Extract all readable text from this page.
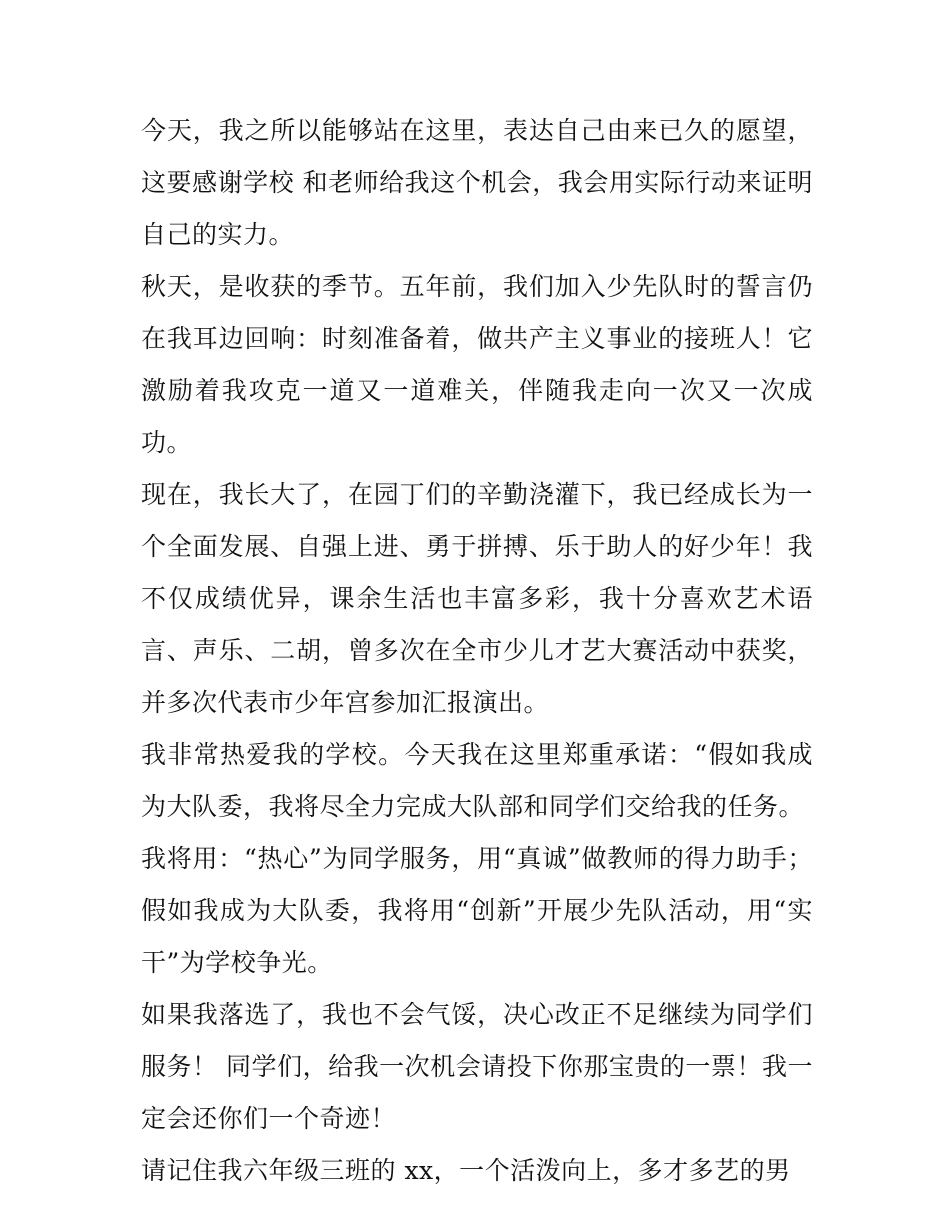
今天，我之所以能够站在这里，表达自己由来已久的愿望，这要感谢学校 和老师给我这个机会，我会用实际行动来证明自己的实力。

秋天，是收获的季节。五年前，我们加入少先队时的誓言仍在我耳边回响：时刻准备着，做共产主义事业的接班人！它激励着我攻克一道又一道难关，伴随我走向一次又一次成功。

现在，我长大了，在园丁们的辛勤浇灌下，我已经成长为一个全面发展、自强上进、勇于拼搏、乐于助人的好少年！我不仅成绩优异，课余生活也丰富多彩，我十分喜欢艺术语言、声乐、二胡，曾多次在全市少儿才艺大赛活动中获奖，并多次代表市少年宫参加汇报演出。

我非常热爱我的学校。今天我在这里郑重承诺：“假如我成为大队委，我将尽全力完成大队部和同学们交给我的任务。

我将用：“热心”为同学服务，用“真诚”做教师的得力助手；假如我成为大队委，我将用“创新”开展少先队活动，用“实干”为学校争光。

如果我落选了，我也不会气馁，决心改正不足继续为同学们服务！ 同学们，给我一次机会请投下你那宝贵的一票！我一定会还你们一个奇迹！

请记住我六年级三班的 xx，一个活泼向上，多才多艺的男
